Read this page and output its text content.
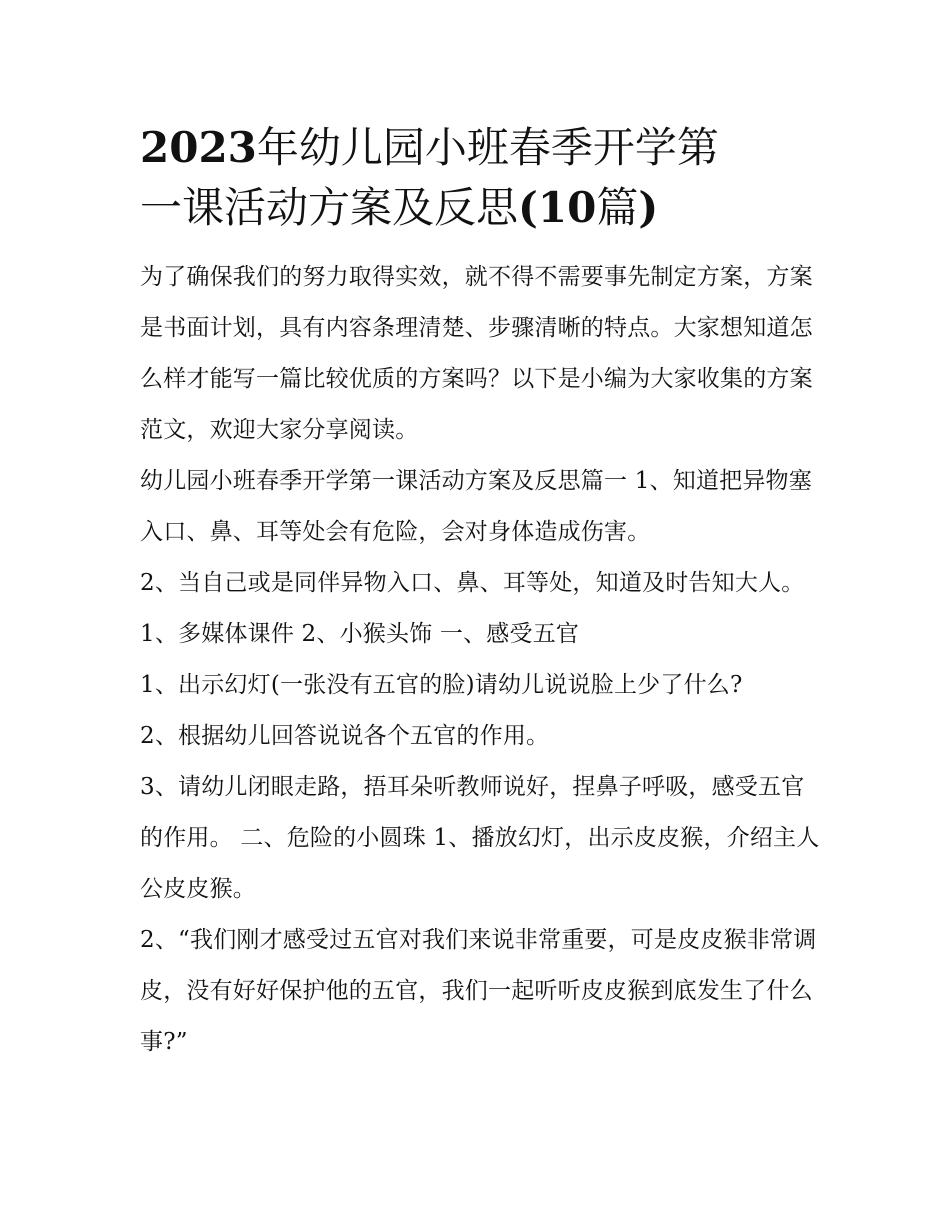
2023年幼儿园小班春季开学第
一课活动方案及反思(10篇)

为了确保我们的努力取得实效，就不得不需要事先制定方案，方案是书面计划，具有内容条理清楚、步骤清晰的特点。大家想知道怎么样才能写一篇比较优质的方案吗？以下是小编为大家收集的方案范文，欢迎大家分享阅读。

幼儿园小班春季开学第一课活动方案及反思篇一 1、知道把异物塞入口、鼻、耳等处会有危险，会对身体造成伤害。

2、当自己或是同伴异物入口、鼻、耳等处，知道及时告知大人。 1、多媒体课件 2、小猴头饰 一、感受五官

1、出示幻灯(一张没有五官的脸)请幼儿说说脸上少了什么?

2、根据幼儿回答说说各个五官的作用。

3、请幼儿闭眼走路，捂耳朵听教师说好，捏鼻子呼吸，感受五官的作用。 二、危险的小圆珠 1、播放幻灯，出示皮皮猴，介绍主人公皮皮猴。

2、“我们刚才感受过五官对我们来说非常重要，可是皮皮猴非常调皮，没有好好保护他的五官，我们一起听听皮皮猴到底发生了什么事?”
